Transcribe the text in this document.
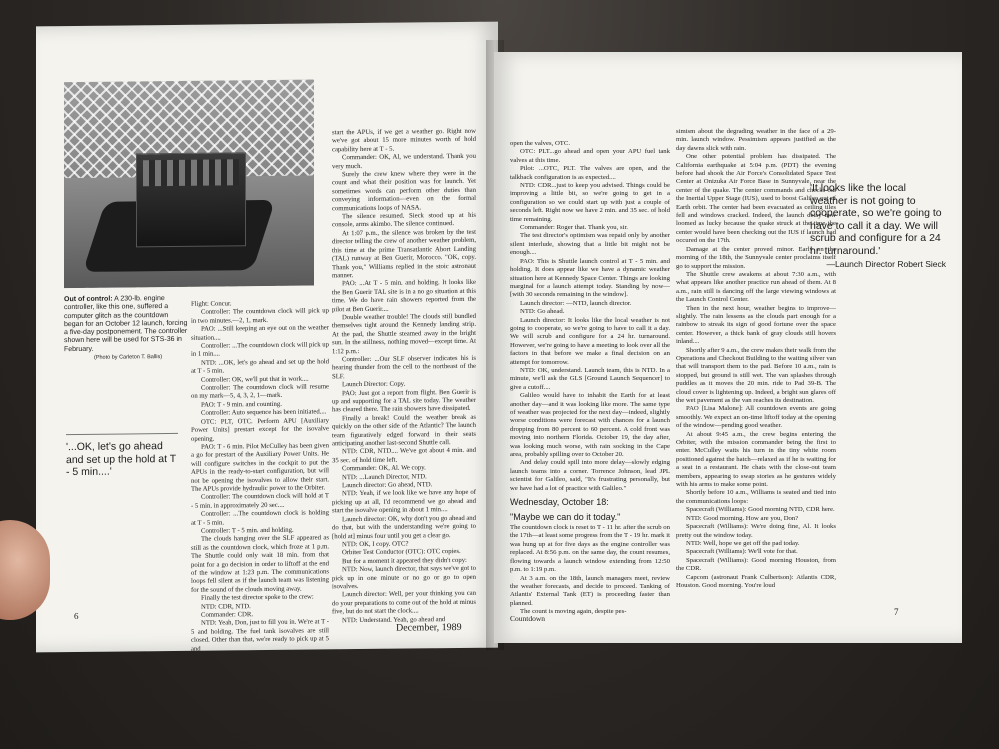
Out of control: A 230-lb. engine controller, like this one, suffered a computer glitch as the countdown began for an October 12 launch, forcing a five-day postponement. The controller shown here will be used for STS-36 in February.
(Photo by Carleton T. Ballis)
'...OK, let's go ahead and set up the hold at T - 5 min....'

Flight: Concur.

Controller: The countdown clock will pick up in two minutes.—2, 1, mark.

PAO: ...Still keeping an eye out on the weather situation....

Controller: ...The countdown clock will pick up in 1 min....

NTD: ...OK, let's go ahead and set up the hold at T - 5 min.

Controller: OK, we'll put that in work....

Controller: The countdown clock will resume on my mark—5, 4, 3, 2, 1—mark.

PAO: T - 9 min. and counting.

Controller: Auto sequence has been initiated....

OTC: PLT, OTC. Perform APU [Auxiliary Power Units] prestart except for the isovalve opening.

PAO: T - 6 min. Pilot McCulley has been given a go for prestart of the Auxiliary Power Units. He will configure switches in the cockpit to put the APUs in the ready-to-start configuration, but will not be opening the isovalves to allow their start. The APUs provide hydraulic power to the Orbiter.

Controller: The countdown clock will hold at T - 5 min. in approximately 20 sec....

Controller: ...The countdown clock is holding at T - 5 min.

Controller: T - 5 min. and holding.

The clouds hanging over the SLF appeared as still as the countdown clock, which froze at 1 p.m. The Shuttle could only wait 18 min. from that point for a go decision in order to liftoff at the end of the window at 1:23 p.m. The communications loops fell silent as if the launch team was listening for the sound of the clouds moving away.

Finally the test director spoke to the crew:

NTD: CDR, NTD.

Commander: CDR.

NTD: Yeah, Don, just to fill you in. We're at T - 5 and holding. The fuel tank isovalves are still closed. Other than that, we're ready to pick up at 5 and

start the APUs, if we get a weather go. Right now we've got about 15 more minutes worth of hold capability here at T - 5.

Commander: OK, Al, we understand. Thank you very much.

Surely the crew knew where they were in the count and what their position was for launch. Yet sometimes words can perform other duties than conveying information—even on the formal communications loops of NASA.

The silence resumed. Sieck stood up at his console, arms akimbo. The silence continued.

At 1:07 p.m., the silence was broken by the test director telling the crew of another weather problem, this time at the prime Transatlantic Abort Landing (TAL) runway at Ben Guerir, Morocco. "OK, copy. Thank you," Williams replied in the stoic astronaut manner.

PAO: ...At T - 5 min. and holding. It looks like the Ben Guerir TAL site is in a no go situation at this time. We do have rain showers reported from the pilot at Ben Guerir....

Double weather trouble! The clouds still bundled themselves tight around the Kennedy landing strip. At the pad, the Shuttle steamed away in the bright sun. In the stillness, nothing moved—except time. At 1:12 p.m.:

Controller: ...Our SLF observer indicates his is hearing thunder from the cell to the northeast of the SLF.

Launch Director: Copy.

PAO: Just got a report from flight. Ben Guerir is up and supporting for a TAL site today. The weather has cleared there. The rain showers have dissipated.

Finally a break! Could the weather break as quickly on the other side of the Atlantic? The launch team figuratively edged forward in their seats anticipating another last-second Shuttle call.

NTD: CDR, NTD.... We've got about 4 min. and 35 sec. of hold time left.

Commander: OK, Al. We copy.

NTD: ...Launch Director, NTD.

Launch director: Go ahead, NTD.

NTD: Yeah, if we look like we have any hope of picking up at all, I'd recommend we go ahead and start the isovalve opening in about 1 min....

Launch director: OK, why don't you go ahead and do that, but with the understanding we're going to [hold at] minus four until you get a clear go.

NTD: OK, I copy. OTC?

Orbiter Test Conductor (OTC): OTC copies.

But for a moment it appeared they didn't copy:

NTD: Now, launch director, that says we've got to pick up in one minute or no go or go to open isovalves.

Launch director: Well, per your thinking you can do your preparations to come out of the hold at minus five, but do not start the clock....

NTD: Understand. Yeah, go ahead and

6
December, 1989

open the valves, OTC.

OTC: PLT...go ahead and open your APU fuel tank valves at this time.

Pilot: ...OTC, PLT. The valves are open, and the talkback configuration is as expected....

NTD: CDR...just to keep you advised. Things could be improving a little bit, so we're going to get in a configuration so we could start up with just a couple of seconds left. Right now we have 2 min. and 35 sec. of hold time remaining.

Commander: Roger that. Thank you, sir.

The test director's optimism was repaid only by another silent interlude, showing that a little bit might not be enough....

PAO: This is Shuttle launch control at T - 5 min. and holding. It does appear like we have a dynamic weather situation here at Kennedy Space Center. Things are looking marginal for a launch attempt today. Standing by now—[with 30 seconds remaining in the window].

Launch director: —NTD, launch director.

NTD: Go ahead.

Launch director: It looks like the local weather is not going to cooperate, so we're going to have to call it a day. We will scrub and configure for a 24 hr. turnaround. However, we're going to have a meeting to look over all the factors in that before we make a final decision on an attempt for tomorrow.

NTD: OK, understand. Launch team, this is NTD. In a minute, we'll ask the GLS [Ground Launch Sequencer] to give a cutoff....

Galileo would have to inhabit the Earth for at least another day—and it was looking like more. The same type of weather was projected for the next day—indeed, slightly worse conditions were forecast with chances for a launch dropping from 80 percent to 60 percent. A cold front was moving into northern Florida. October 19, the day after, was looking much worse, with rain socking in the Cape area, probably spilling over to October 20.

And delay could spill into more delay—slowly edging launch teams into a corner. Torrence Johnson, lead JPL scientist for Galileo, said, "It's frustrating personally, but we have had a lot of practice with Galileo."

Wednesday, October 18:
"Maybe we can do it today."

The countdown clock is reset to T - 11 hr. after the scrub on the 17th—at least some progress from the T - 19 hr. mark it was hung up at for five days as the engine controller was replaced. At 8:56 p.m. on the same day, the count resumes, flowing towards a launch window extending from 12:50 p.m. to 1:19 p.m.

At 3 a.m. on the 18th, launch managers meet, review the weather forecasts, and decide to proceed. Tanking of Atlantis' External Tank (ET) is proceeding faster than planned.

The count is moving again, despite pes-

simism about the degrading weather in the face of a 29-min. launch window. Pessimism appears justified as the day dawns slick with rain.

One other potential problem has dissipated. The California earthquake at 5:04 p.m. (PDT) the evening before had shook the Air Force's Consolidated Space Test Center at Onizuka Air Force Base in Sunnyvale, near the center of the quake. The center commands and checks out the Inertial Upper Stage (IUS), used to boost Galileo out of Earth orbit. The center had been evacuated as ceiling tiles fell and windows cracked. Indeed, the launch delay now loomed as lucky because the quake struck at the time the center would have been checking out the IUS if launch had occured on the 17th.

Damage at the center proved minor. Early on the morning of the 18th, the Sunnyvale center proclaims itself go to support the mission.

The Shuttle crew awakens at about 7:30 a.m., with what appears like another practice run ahead of them. At 8 a.m., rain still is dancing off the large viewing windows at the Launch Control Center.

Then in the next hour, weather begins to improve—slightly. The rain lessens as the clouds part enough for a rainbow to streak its sign of good fortune over the space center. However, a thick bank of gray clouds still hovers inland....

Shortly after 9 a.m., the crew makes their walk from the Operations and Checkout Building to the waiting silver van that will transport them to the pad. Before 10 a.m., rain is stopped, but ground is still wet. The van splashes through puddles as it moves the 20 min. ride to Pad 39-B. The cloud cover is lightening up. Indeed, a bright sun glares off the wet pavement as the van reaches its destination.

PAO [Lisa Malone]: All countdown events are going smoothly. We expect an on-time liftoff today at the opening of the window—pending good weather.

At about 9:45 a.m., the crew begins entering the Orbiter, with the mission commander being the first to enter. McCulley waits his turn in the tiny white room positioned against the hatch—relaxed as if he is waiting for a seat in a restaurant. He chats with the close-out team members, appearing to swap stories as he gestures widely with his arms to make some point.

Shortly before 10 a.m., Williams is seated and tied into the communications loops:

Spacecraft (Williams): Good morning NTD, CDR here.

NTD: Good morning. How are you, Don?

Spacecraft (Williams): We're doing fine, Al. It looks pretty out the window today.

NTD: Well, hope we get off the pad today.

Spacecraft (Williams): We'll vote for that.

Spacecraft (Williams): Good morning Houston, from the CDR.

Capcom (astronaut Frank Culbertson): Atlantis CDR, Houston. Good morning. You're loud

'It looks like the local weather is not going to cooperate, so we're going to have to call it a day. We will scrub and configure for a 24 hr. turnaround.'
—Launch Director Robert Sieck
Countdown
7
